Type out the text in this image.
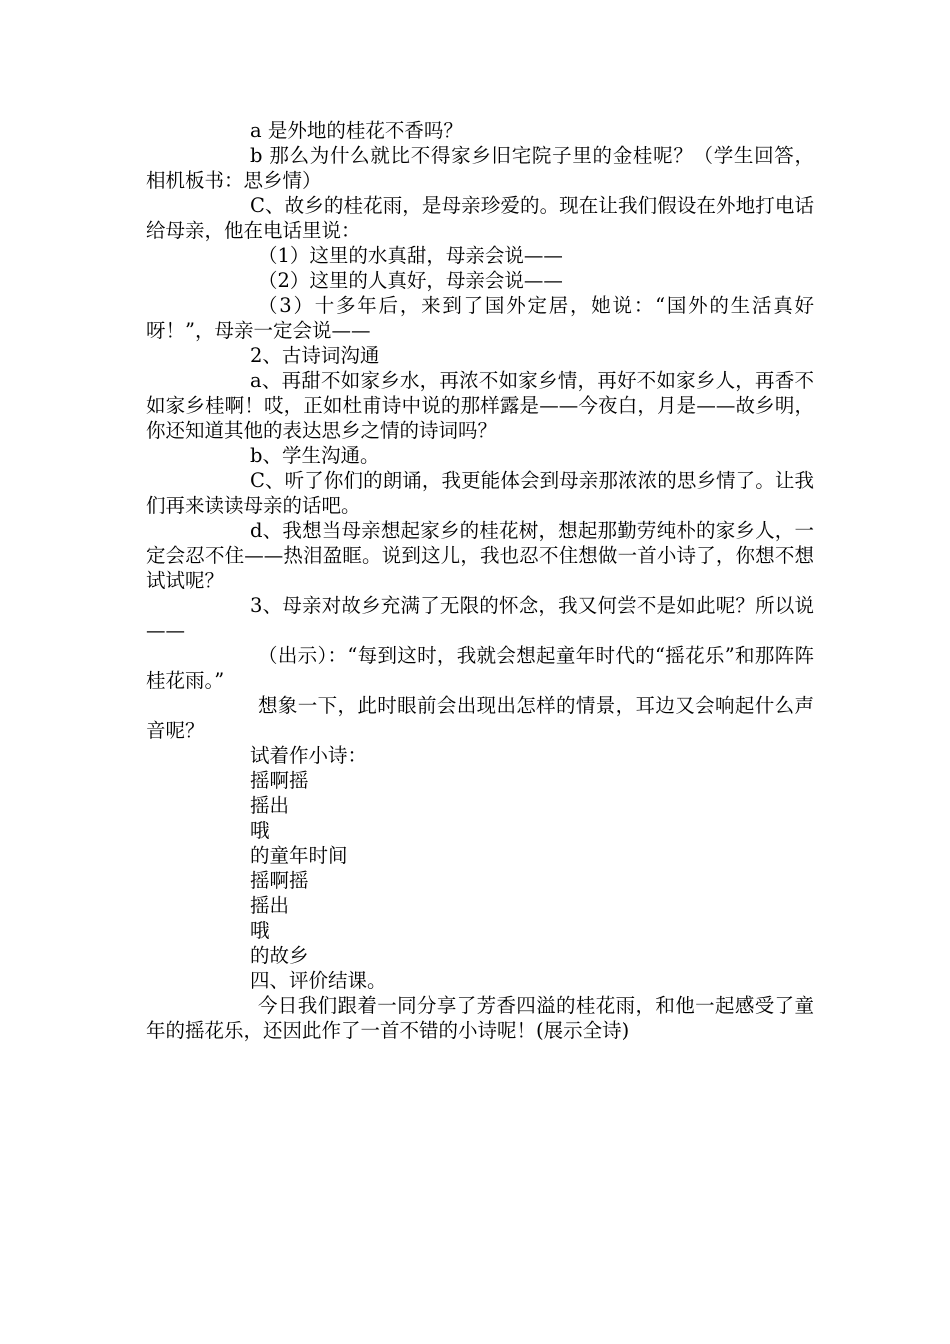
a 是外地的桂花不香吗？

b 那么为什么就比不得家乡旧宅院子里的金桂呢？（学生回答，相机板书：思乡情）

C、故乡的桂花雨，是母亲珍爱的。现在让我们假设在外地打电话给母亲，他在电话里说：

（1）这里的水真甜，母亲会说——

（2）这里的人真好，母亲会说——

（3）十多年后，来到了国外定居，她说：“国外的生活真好呀！”，母亲一定会说——

2、古诗词沟通

a、再甜不如家乡水，再浓不如家乡情，再好不如家乡人，再香不如家乡桂啊！哎，正如杜甫诗中说的那样露是——今夜白，月是——故乡明，你还知道其他的表达思乡之情的诗词吗？

b、学生沟通。

C、听了你们的朗诵，我更能体会到母亲那浓浓的思乡情了。让我们再来读读母亲的话吧。

d、我想当母亲想起家乡的桂花树，想起那勤劳纯朴的家乡人，一定会忍不住——热泪盈眶。说到这儿，我也忍不住想做一首小诗了，你想不想试试呢？

3、母亲对故乡充满了无限的怀念，我又何尝不是如此呢？所以说——

（出示）：“每到这时，我就会想起童年时代的“摇花乐”和那阵阵桂花雨。”

想象一下，此时眼前会出现出怎样的情景，耳边又会响起什么声音呢？

试着作小诗：

摇啊摇

摇出

哦

的童年时间

摇啊摇

摇出

哦

的故乡

四、评价结课。

今日我们跟着一同分享了芳香四溢的桂花雨，和他一起感受了童年的摇花乐，还因此作了一首不错的小诗呢！(展示全诗)
